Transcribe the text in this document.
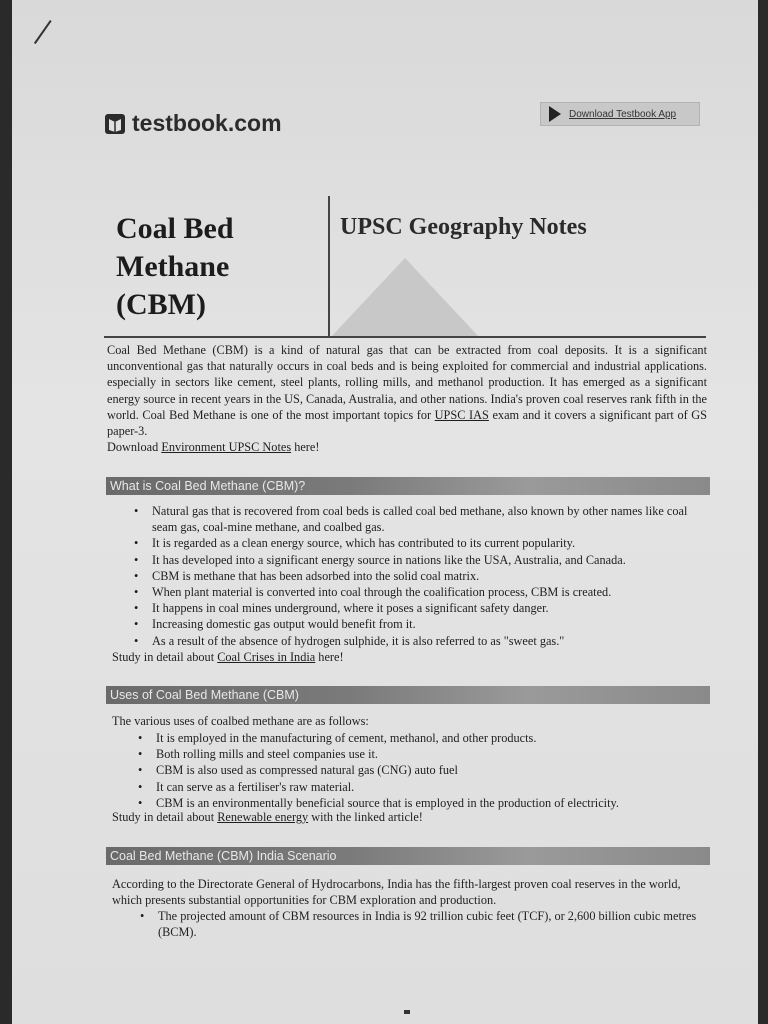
testbook.com	Download Testbook App
Coal Bed Methane (CBM)
UPSC Geography Notes
Coal Bed Methane (CBM) is a kind of natural gas that can be extracted from coal deposits. It is a significant unconventional gas that naturally occurs in coal beds and is being exploited for commercial and industrial applications. especially in sectors like cement, steel plants, rolling mills, and methanol production. It has emerged as a significant energy source in recent years in the US, Canada, Australia, and other nations. India's proven coal reserves rank fifth in the world. Coal Bed Methane is one of the most important topics for UPSC IAS exam and it covers a significant part of GS paper-3.
Download Environment UPSC Notes here!
What is Coal Bed Methane (CBM)?
• Natural gas that is recovered from coal beds is called coal bed methane, also known by other names like coal seam gas, coal-mine methane, and coalbed gas.
• It is regarded as a clean energy source, which has contributed to its current popularity.
• It has developed into a significant energy source in nations like the USA, Australia, and Canada.
• CBM is methane that has been adsorbed into the solid coal matrix.
• When plant material is converted into coal through the coalification process, CBM is created.
• It happens in coal mines underground, where it poses a significant safety danger.
• Increasing domestic gas output would benefit from it.
• As a result of the absence of hydrogen sulphide, it is also referred to as "sweet gas."
Study in detail about Coal Crises in India here!
Uses of Coal Bed Methane (CBM)
The various uses of coalbed methane are as follows:
• It is employed in the manufacturing of cement, methanol, and other products.
• Both rolling mills and steel companies use it.
• CBM is also used as compressed natural gas (CNG) auto fuel
• It can serve as a fertiliser's raw material.
• CBM is an environmentally beneficial source that is employed in the production of electricity.
Study in detail about Renewable energy with the linked article!
Coal Bed Methane (CBM) India Scenario
According to the Directorate General of Hydrocarbons, India has the fifth-largest proven coal reserves in the world, which presents substantial opportunities for CBM exploration and production.
• The projected amount of CBM resources in India is 92 trillion cubic feet (TCF), or 2,600 billion cubic metres (BCM).
